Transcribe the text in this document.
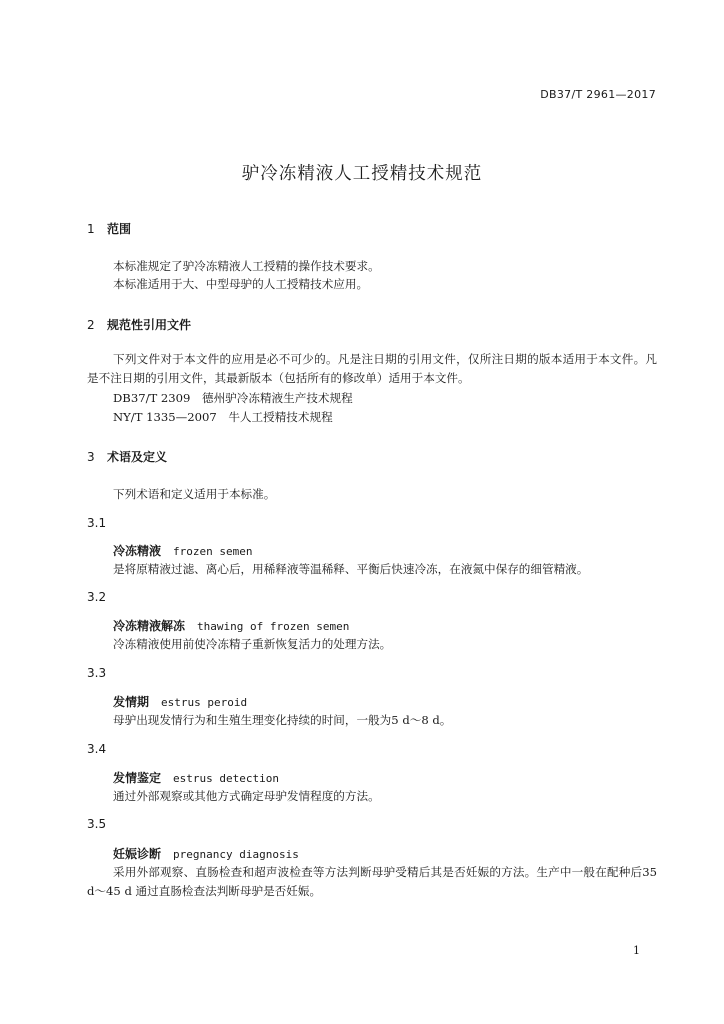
DB37/T 2961—2017
驴冷冻精液人工授精技术规范
1 范围
本标准规定了驴冷冻精液人工授精的操作技术要求。
本标准适用于大、中型母驴的人工授精技术应用。
2 规范性引用文件
下列文件对于本文件的应用是必不可少的。凡是注日期的引用文件，仅所注日期的版本适用于本文件。凡是不注日期的引用文件，其最新版本（包括所有的修改单）适用于本文件。
DB37/T 2309　德州驴冷冻精液生产技术规程
NY/T 1335—2007　牛人工授精技术规程
3 术语及定义
下列术语和定义适用于本标准。
3.1
冷冻精液 frozen semen
是将原精液过滤、离心后，用稀释液等温稀释、平衡后快速冷冻，在液氮中保存的细管精液。
3.2
冷冻精液解冻 thawing of frozen semen
冷冻精液使用前使冷冻精子重新恢复活力的处理方法。
3.3
发情期 estrus peroid
母驴出现发情行为和生殖生理变化持续的时间，一般为5 d～8 d。
3.4
发情鉴定 estrus detection
通过外部观察或其他方式确定母驴发情程度的方法。
3.5
妊娠诊断 pregnancy diagnosis
采用外部观察、直肠检查和超声波检查等方法判断母驴受精后其是否妊娠的方法。生产中一般在配种后35 d～45 d 通过直肠检查法判断母驴是否妊娠。
1
